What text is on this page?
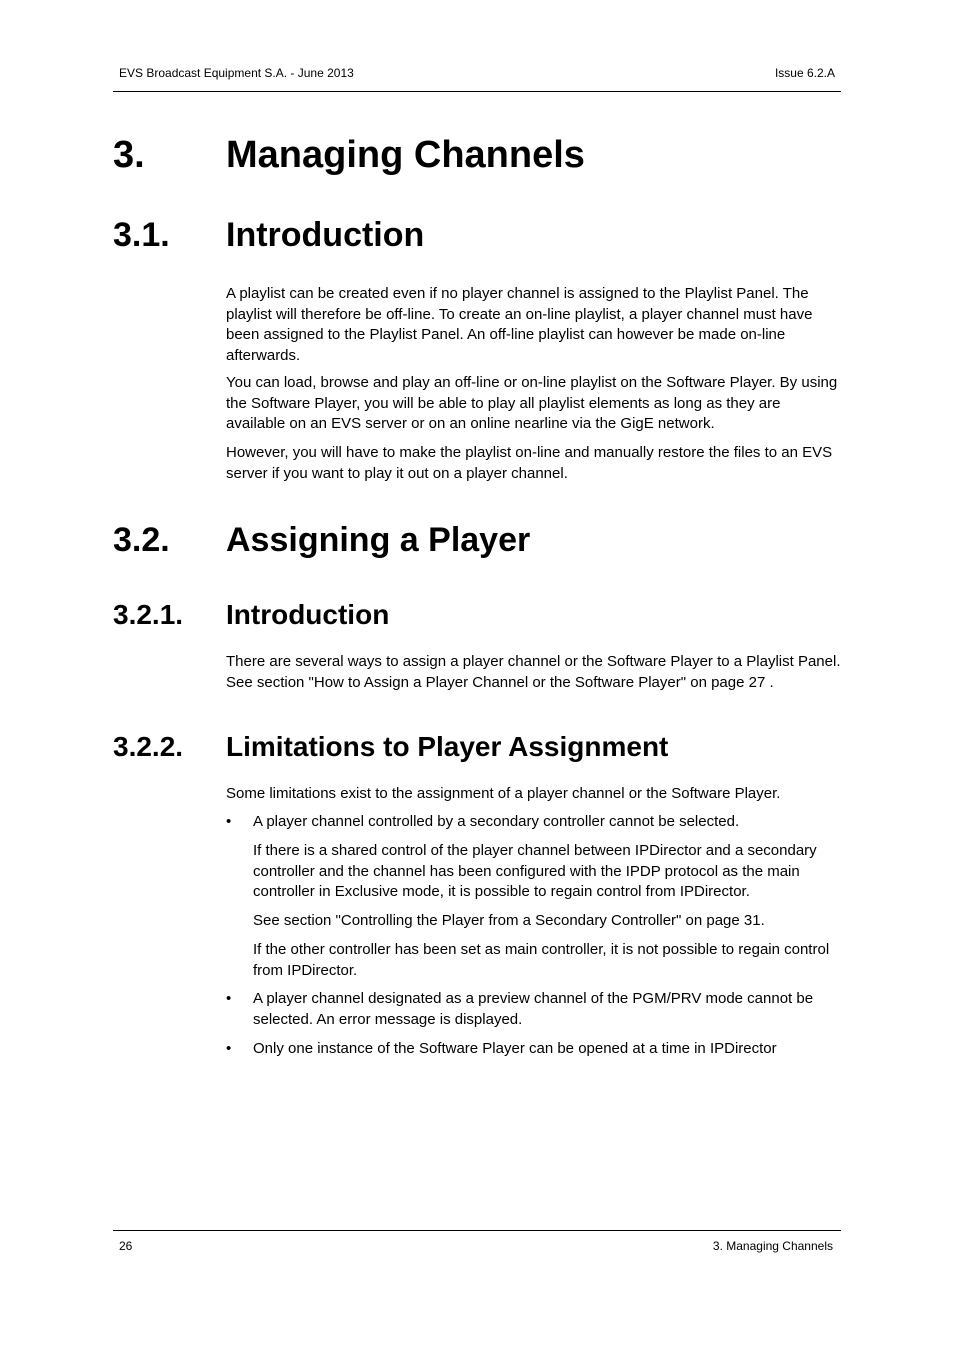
EVS Broadcast Equipment S.A. - June 2013	Issue 6.2.A
3. Managing Channels
3.1. Introduction
A playlist can be created even if no player channel is assigned to the Playlist Panel. The playlist will therefore be off-line. To create an on-line playlist, a player channel must have been assigned to the Playlist Panel. An off-line playlist can however be made on-line afterwards.
You can load, browse and play an off-line or on-line playlist on the Software Player. By using the Software Player, you will be able to play all playlist elements as long as they are available on an EVS server or on an online nearline via the GigE network.
However, you will have to make the playlist on-line and manually restore the files to an EVS server if you want to play it out on a player channel.
3.2. Assigning a Player
3.2.1. Introduction
There are several ways to assign a player channel or the Software Player to a Playlist Panel. See section "How to Assign a Player Channel or the Software Player" on page 27 .
3.2.2. Limitations to Player Assignment
Some limitations exist to the assignment of a player channel or the Software Player.
• A player channel controlled by a secondary controller cannot be selected.
If there is a shared control of the player channel between IPDirector and a secondary controller and the channel has been configured with the IPDP protocol as the main controller in Exclusive mode, it is possible to regain control from IPDirector.
See section "Controlling the Player from a Secondary Controller" on page 31.
If the other controller has been set as main controller, it is not possible to regain control from IPDirector.
• A player channel designated as a preview channel of the PGM/PRV mode cannot be selected. An error message is displayed.
• Only one instance of the Software Player can be opened at a time in IPDirector
26	3. Managing Channels
